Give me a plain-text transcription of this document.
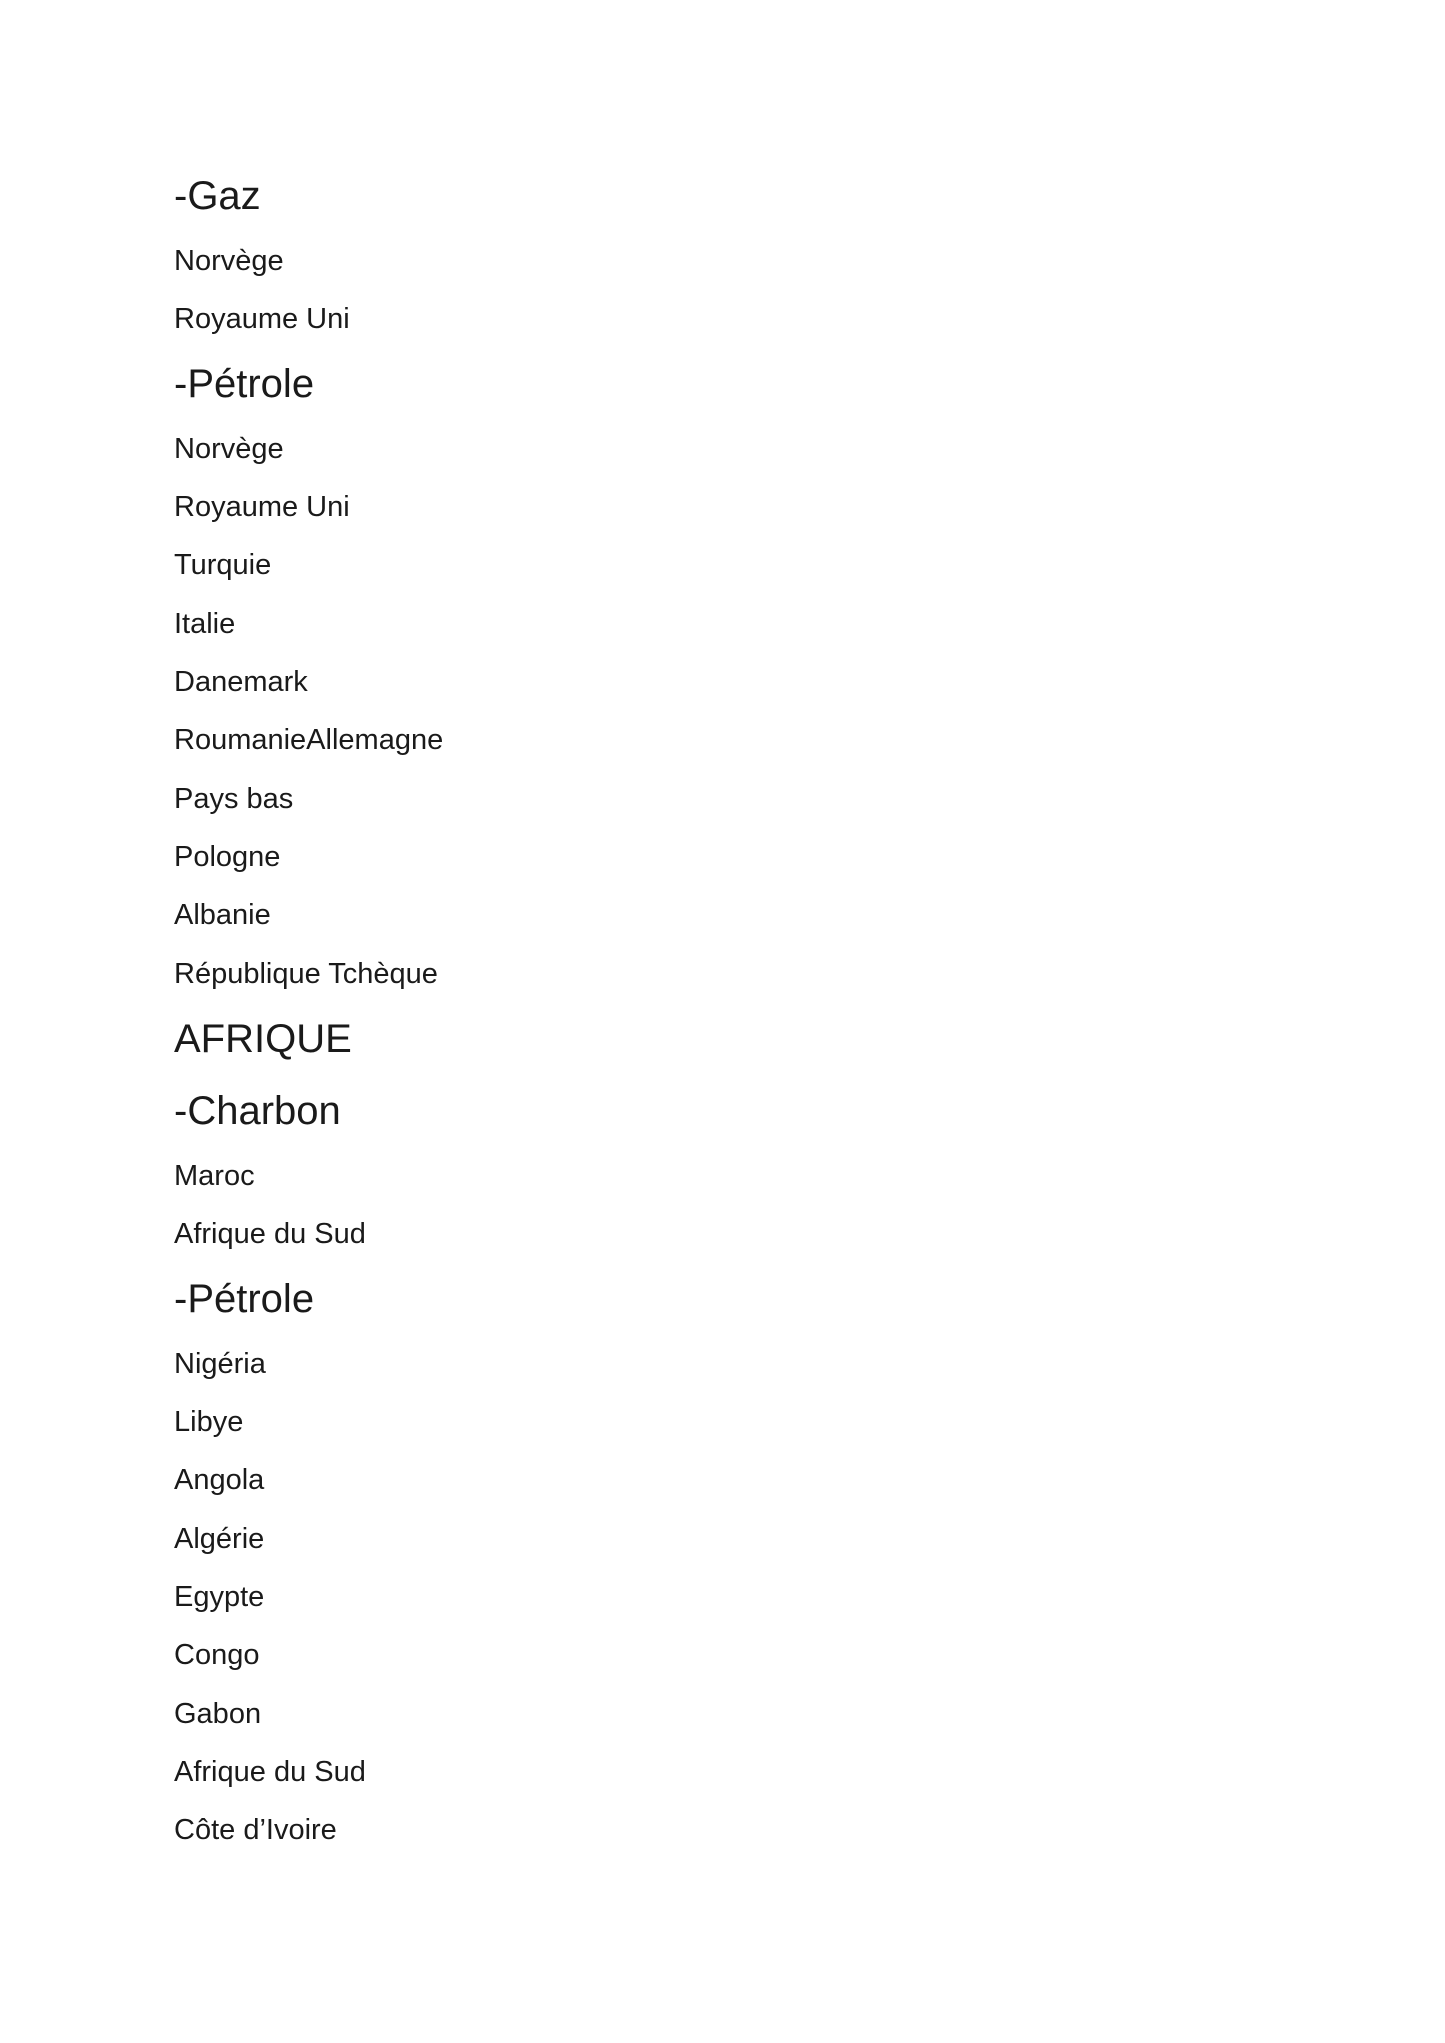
-Gaz
Norvège
Royaume Uni
-Pétrole
Norvège
Royaume Uni
Turquie
Italie
Danemark
RoumanieAllemagne
Pays bas
Pologne
Albanie
République Tchèque
AFRIQUE
-Charbon
Maroc
Afrique du Sud
-Pétrole
Nigéria
Libye
Angola
Algérie
Egypte
Congo
Gabon
Afrique du Sud
Côte d’Ivoire
